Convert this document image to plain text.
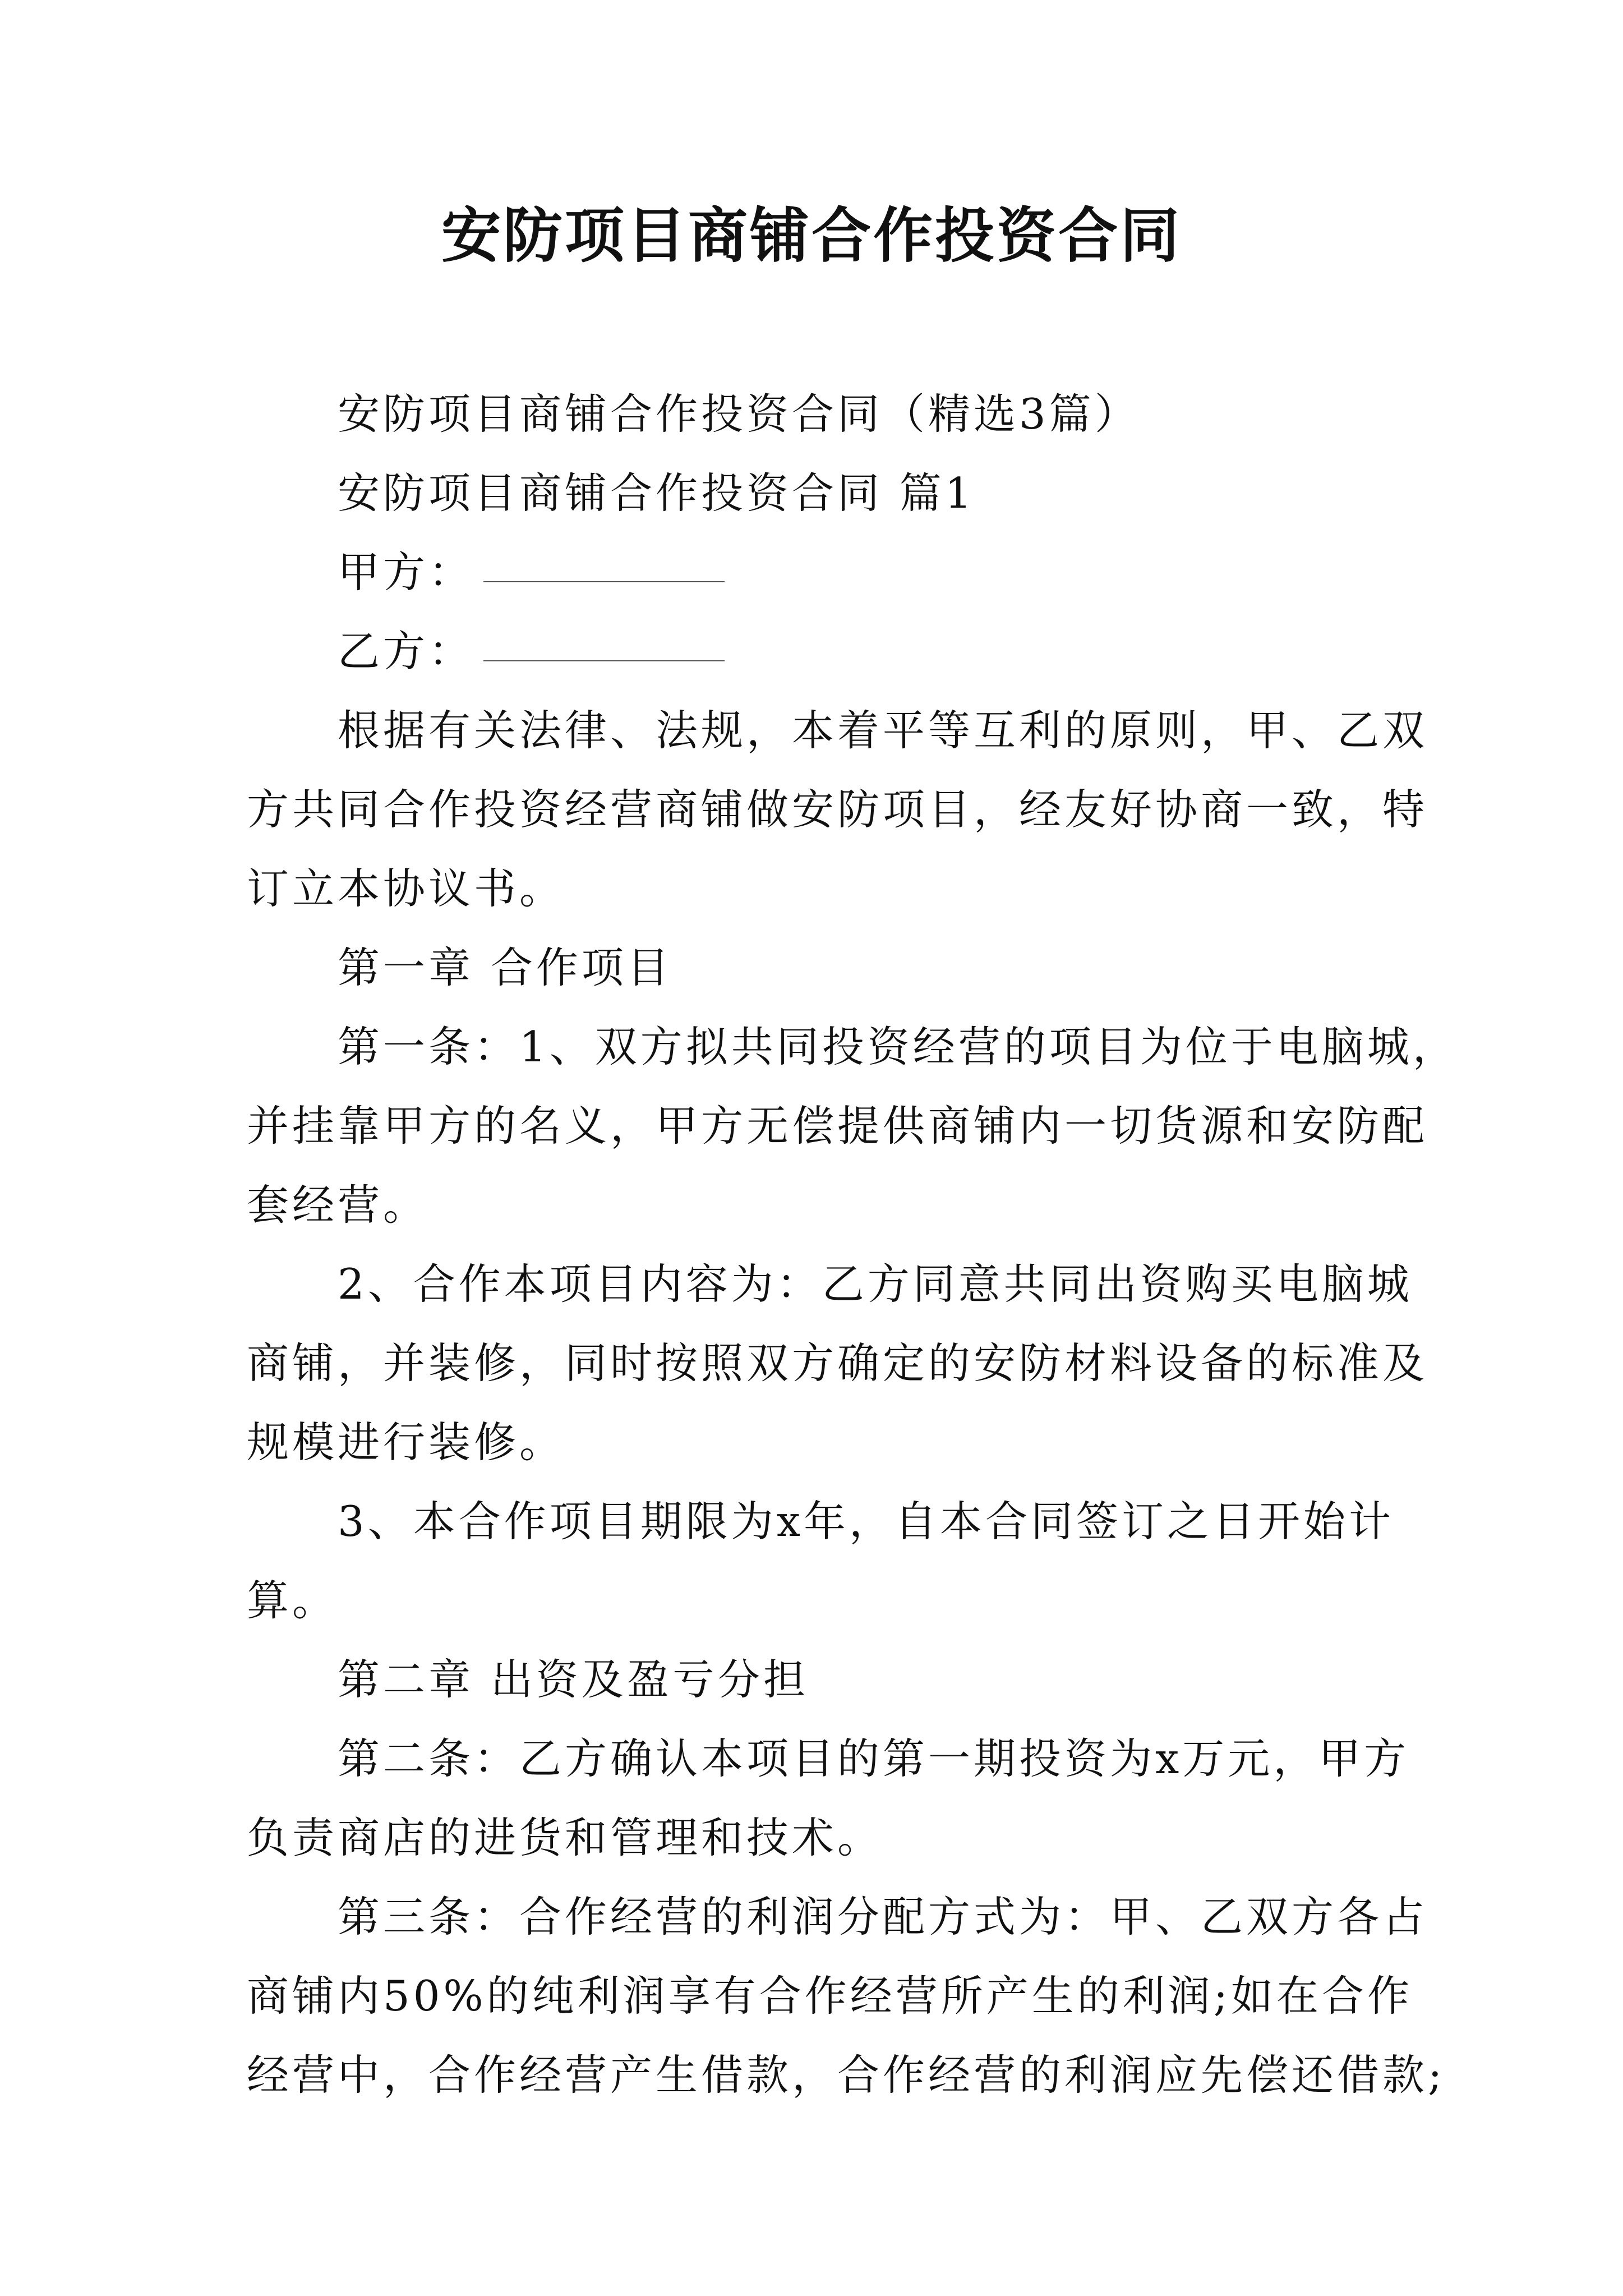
安防项目商铺合作投资合同

安防项目商铺合作投资合同（精选3篇）

安防项目商铺合作投资合同 篇1

甲方：

乙方：

根据有关法律、法规，本着平等互利的原则，甲、乙双

方共同合作投资经营商铺做安防项目，经友好协商一致，特

订立本协议书。

第一章 合作项目

第一条：1、双方拟共同投资经营的项目为位于电脑城，

并挂靠甲方的名义，甲方无偿提供商铺内一切货源和安防配

套经营。

2、合作本项目内容为：乙方同意共同出资购买电脑城

商铺，并装修，同时按照双方确定的安防材料设备的标准及

规模进行装修。

3、本合作项目期限为x年，自本合同签订之日开始计

算。

第二章 出资及盈亏分担

第二条：乙方确认本项目的第一期投资为x万元，甲方

负责商店的进货和管理和技术。

第三条：合作经营的利润分配方式为：甲、乙双方各占

商铺内50%的纯利润享有合作经营所产生的利润;如在合作

经营中，合作经营产生借款，合作经营的利润应先偿还借款;
